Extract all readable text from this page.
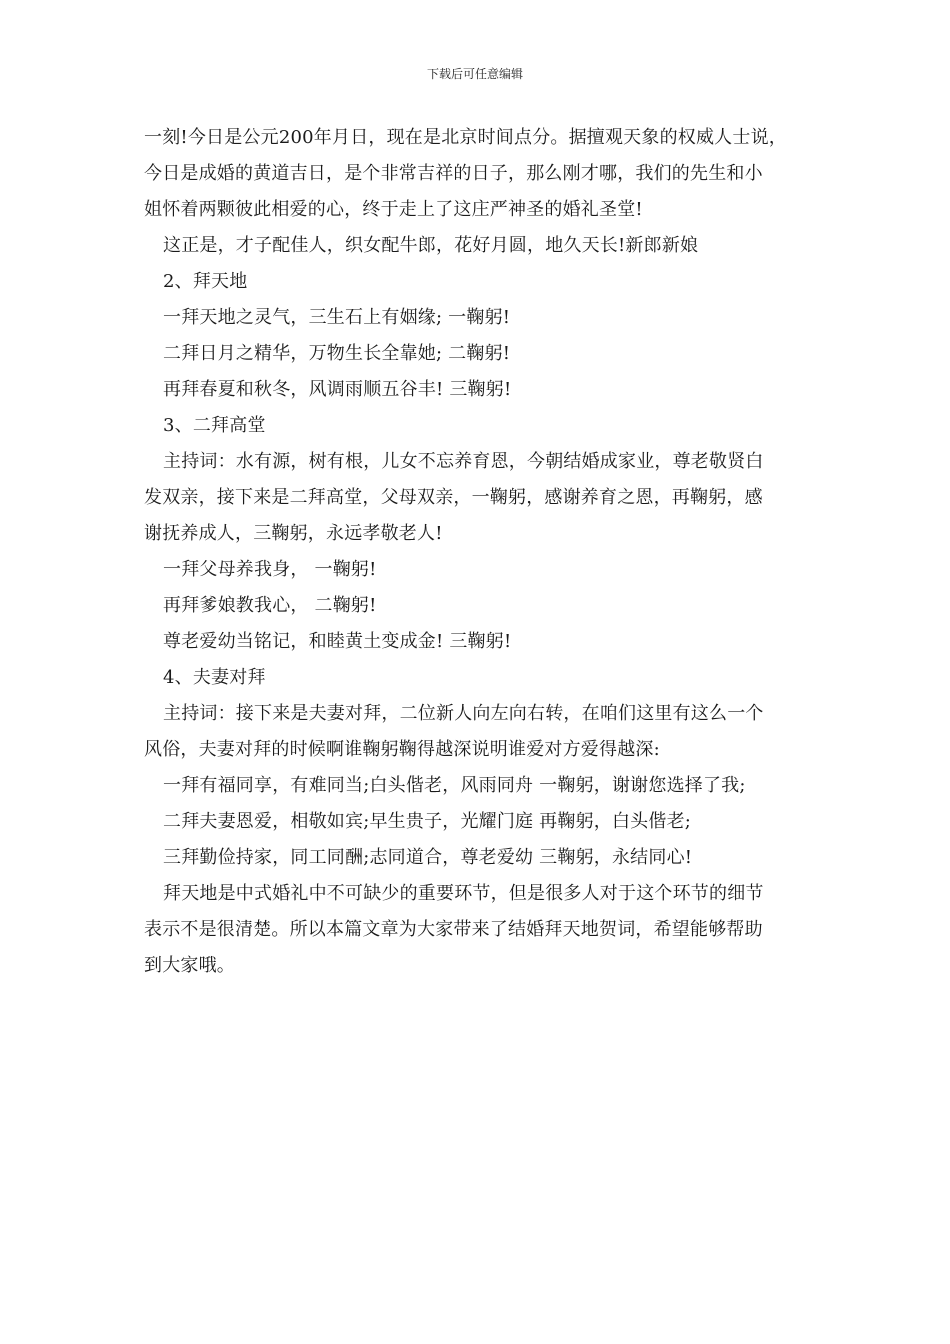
下载后可任意编辑
一刻!今日是公元200年月日，现在是北京时间点分。据擅观天象的权威人士说，
今日是成婚的黄道吉日，是个非常吉祥的日子，那么刚才哪，我们的先生和小
姐怀着两颗彼此相爱的心，终于走上了这庄严神圣的婚礼圣堂!
这正是，才子配佳人，织女配牛郎，花好月圆，地久天长!新郎新娘
2、拜天地
一拜天地之灵气，三生石上有姻缘; 一鞠躬!
二拜日月之精华，万物生长全靠她; 二鞠躬!
再拜春夏和秋冬，风调雨顺五谷丰! 三鞠躬!
3、二拜高堂
主持词：水有源，树有根，儿女不忘养育恩，今朝结婚成家业，尊老敬贤白
发双亲，接下来是二拜高堂，父母双亲，一鞠躬，感谢养育之恩，再鞠躬，感
谢抚养成人，三鞠躬，永远孝敬老人!
一拜父母养我身， 一鞠躬!
再拜爹娘教我心， 二鞠躬!
尊老爱幼当铭记，和睦黄土变成金! 三鞠躬!
4、夫妻对拜
主持词：接下来是夫妻对拜，二位新人向左向右转，在咱们这里有这么一个
风俗，夫妻对拜的时候啊谁鞠躬鞠得越深说明谁爱对方爱得越深:
一拜有福同享，有难同当;白头偕老，风雨同舟 一鞠躬，谢谢您选择了我;
二拜夫妻恩爱，相敬如宾;早生贵子，光耀门庭 再鞠躬，白头偕老;
三拜勤俭持家，同工同酬;志同道合，尊老爱幼 三鞠躬，永结同心!
拜天地是中式婚礼中不可缺少的重要环节，但是很多人对于这个环节的细节
表示不是很清楚。所以本篇文章为大家带来了结婚拜天地贺词，希望能够帮助
到大家哦。
